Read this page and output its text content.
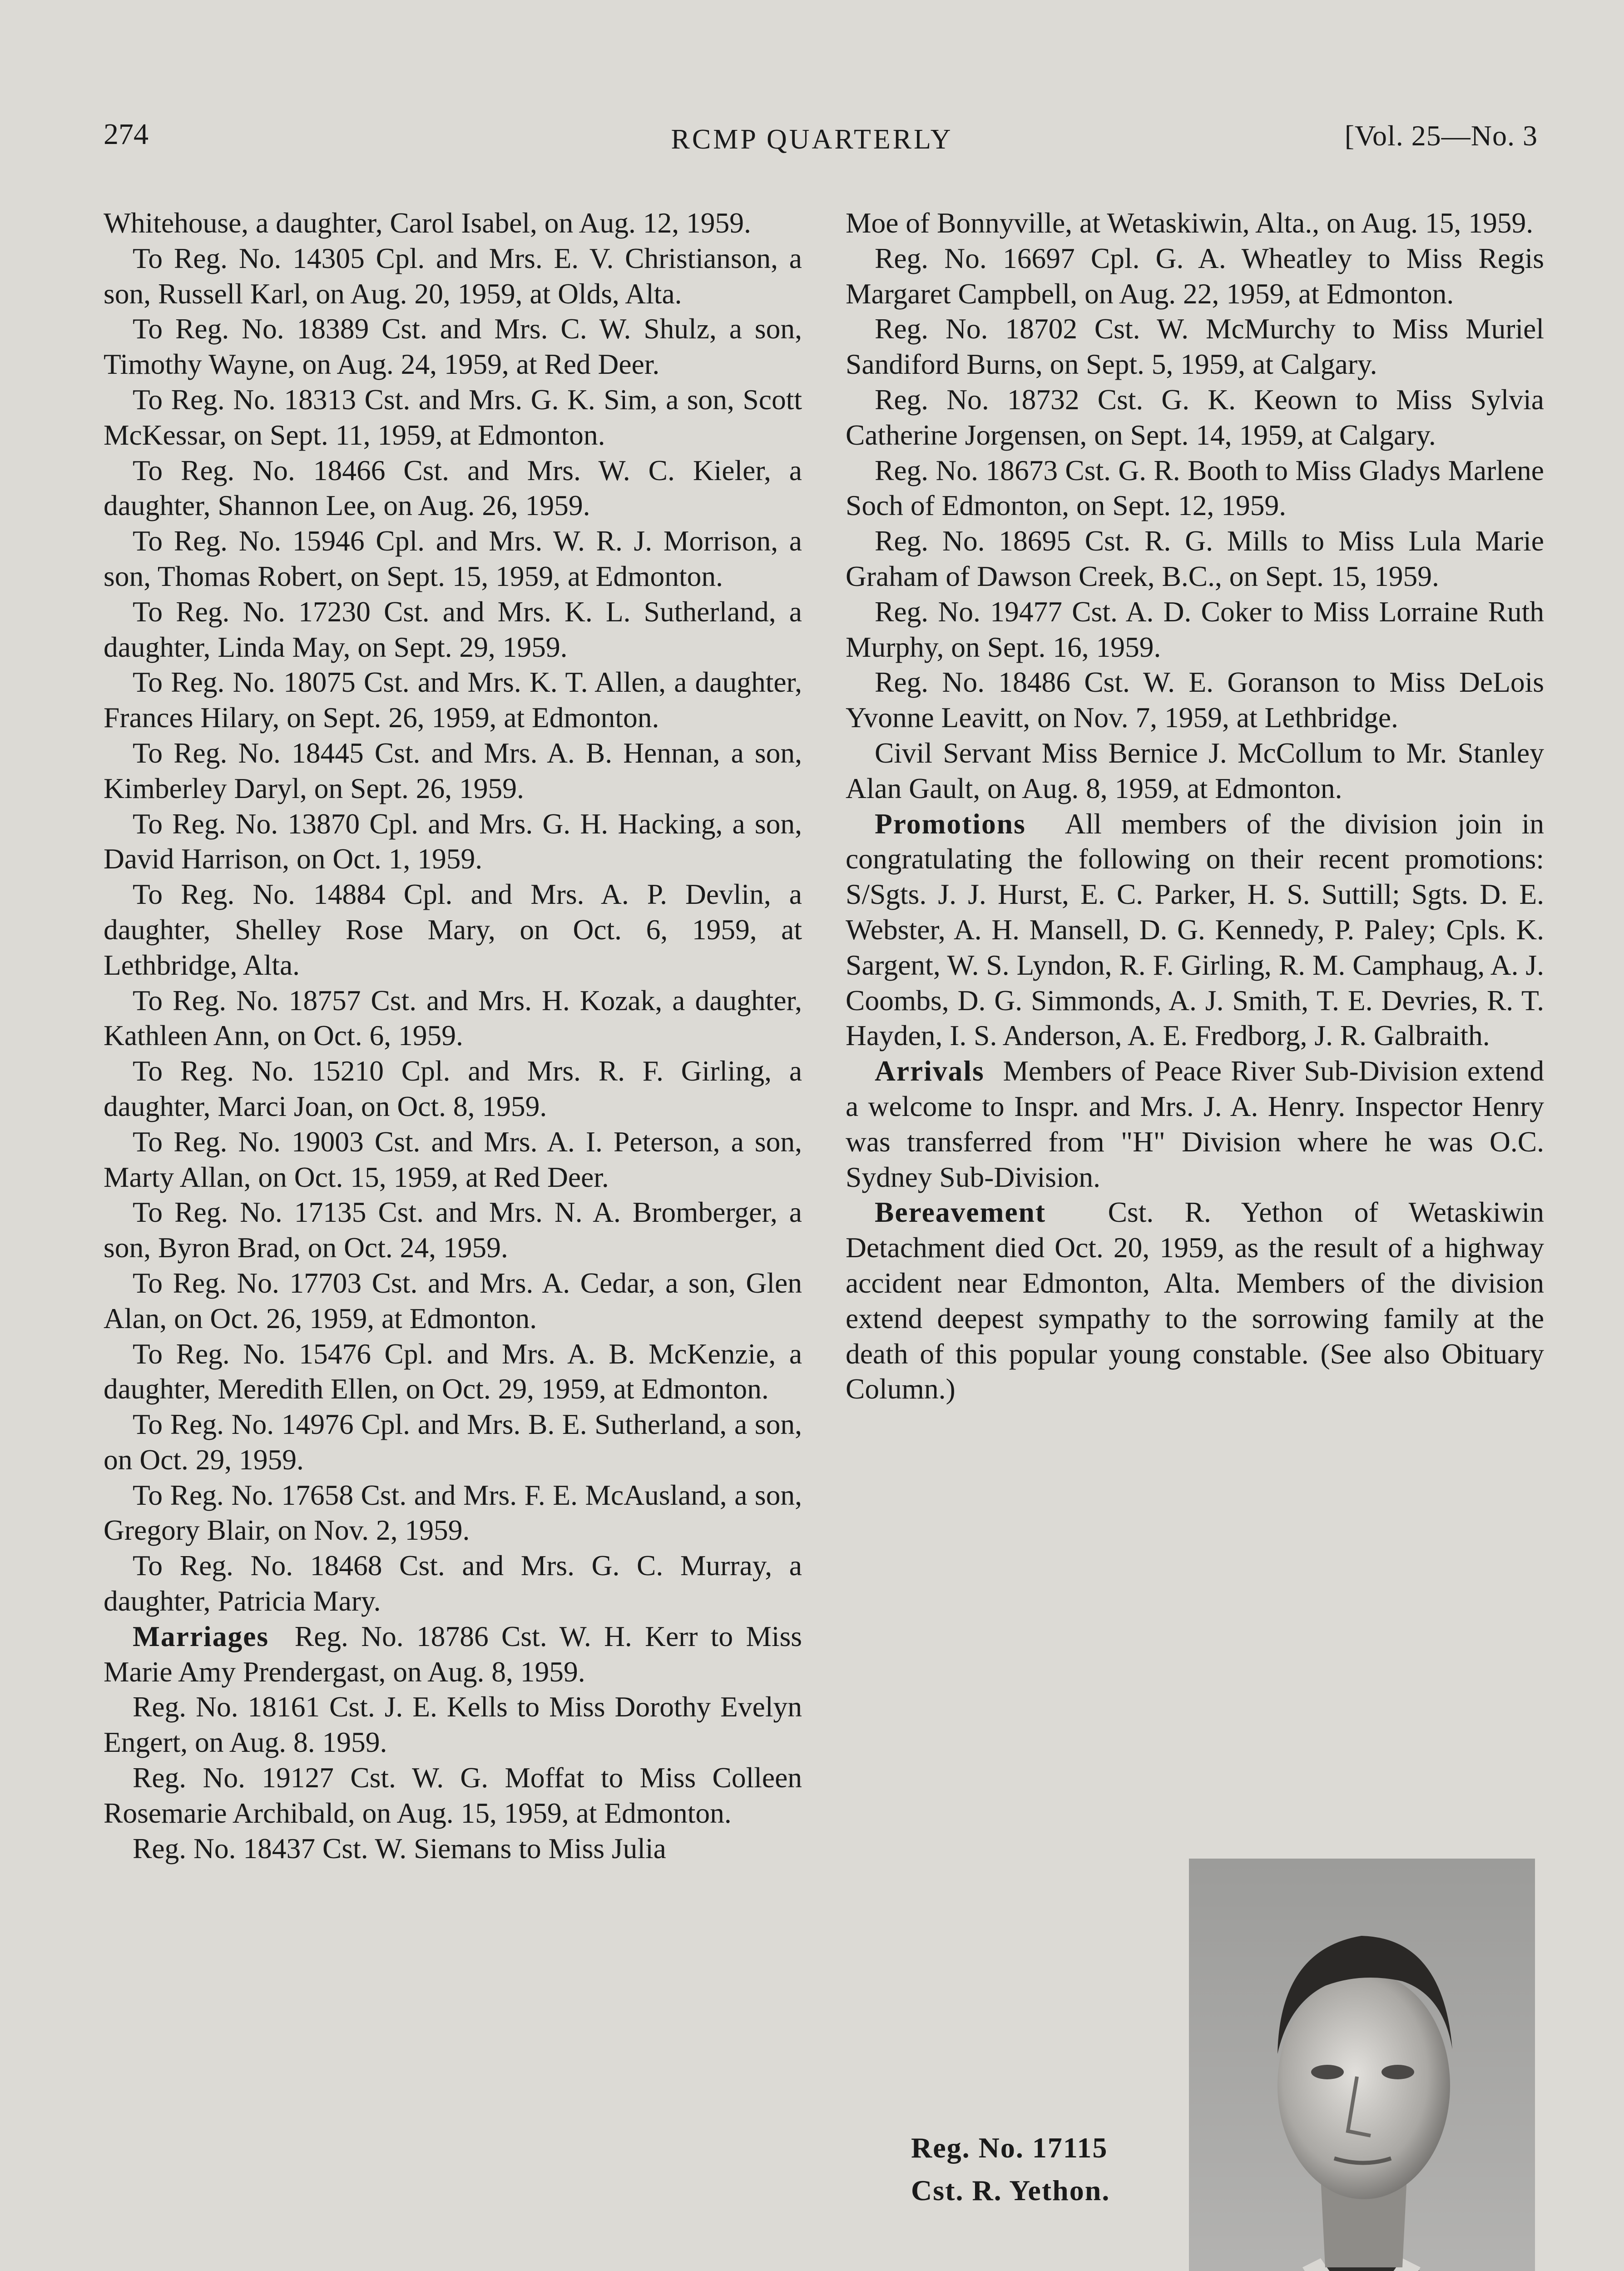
274	RCMP QUARTERLY	[Vol. 25—No. 3

Whitehouse, a daughter, Carol Isabel, on Aug. 12, 1959.

To Reg. No. 14305 Cpl. and Mrs. E. V. Christianson, a son, Russell Karl, on Aug. 20, 1959, at Olds, Alta.

To Reg. No. 18389 Cst. and Mrs. C. W. Shulz, a son, Timothy Wayne, on Aug. 24, 1959, at Red Deer.

To Reg. No. 18313 Cst. and Mrs. G. K. Sim, a son, Scott McKessar, on Sept. 11, 1959, at Edmonton.

To Reg. No. 18466 Cst. and Mrs. W. C. Kieler, a daughter, Shannon Lee, on Aug. 26, 1959.

To Reg. No. 15946 Cpl. and Mrs. W. R. J. Morrison, a son, Thomas Robert, on Sept. 15, 1959, at Edmonton.

To Reg. No. 17230 Cst. and Mrs. K. L. Sutherland, a daughter, Linda May, on Sept. 29, 1959.

To Reg. No. 18075 Cst. and Mrs. K. T. Allen, a daughter, Frances Hilary, on Sept. 26, 1959, at Edmonton.

To Reg. No. 18445 Cst. and Mrs. A. B. Hennan, a son, Kimberley Daryl, on Sept. 26, 1959.

To Reg. No. 13870 Cpl. and Mrs. G. H. Hacking, a son, David Harrison, on Oct. 1, 1959.

To Reg. No. 14884 Cpl. and Mrs. A. P. Devlin, a daughter, Shelley Rose Mary, on Oct. 6, 1959, at Lethbridge, Alta.

To Reg. No. 18757 Cst. and Mrs. H. Kozak, a daughter, Kathleen Ann, on Oct. 6, 1959.

To Reg. No. 15210 Cpl. and Mrs. R. F. Girling, a daughter, Marci Joan, on Oct. 8, 1959.

To Reg. No. 19003 Cst. and Mrs. A. I. Peterson, a son, Marty Allan, on Oct. 15, 1959, at Red Deer.

To Reg. No. 17135 Cst. and Mrs. N. A. Bromberger, a son, Byron Brad, on Oct. 24, 1959.

To Reg. No. 17703 Cst. and Mrs. A. Cedar, a son, Glen Alan, on Oct. 26, 1959, at Edmonton.

To Reg. No. 15476 Cpl. and Mrs. A. B. McKenzie, a daughter, Meredith Ellen, on Oct. 29, 1959, at Edmonton.

To Reg. No. 14976 Cpl. and Mrs. B. E. Sutherland, a son, on Oct. 29, 1959.

To Reg. No. 17658 Cst. and Mrs. F. E. McAusland, a son, Gregory Blair, on Nov. 2, 1959.

To Reg. No. 18468 Cst. and Mrs. G. C. Murray, a daughter, Patricia Mary.

Marriages Reg. No. 18786 Cst. W. H. Kerr to Miss Marie Amy Prendergast, on Aug. 8, 1959.

Reg. No. 18161 Cst. J. E. Kells to Miss Dorothy Evelyn Engert, on Aug. 8. 1959.

Reg. No. 19127 Cst. W. G. Moffat to Miss Colleen Rosemarie Archibald, on Aug. 15, 1959, at Edmonton.

Reg. No. 18437 Cst. W. Siemans to Miss Julia

Moe of Bonnyville, at Wetaskiwin, Alta., on Aug. 15, 1959.

Reg. No. 16697 Cpl. G. A. Wheatley to Miss Regis Margaret Campbell, on Aug. 22, 1959, at Edmonton.

Reg. No. 18702 Cst. W. McMurchy to Miss Muriel Sandiford Burns, on Sept. 5, 1959, at Calgary.

Reg. No. 18732 Cst. G. K. Keown to Miss Sylvia Catherine Jorgensen, on Sept. 14, 1959, at Calgary.

Reg. No. 18673 Cst. G. R. Booth to Miss Gladys Marlene Soch of Edmonton, on Sept. 12, 1959.

Reg. No. 18695 Cst. R. G. Mills to Miss Lula Marie Graham of Dawson Creek, B.C., on Sept. 15, 1959.

Reg. No. 19477 Cst. A. D. Coker to Miss Lorraine Ruth Murphy, on Sept. 16, 1959.

Reg. No. 18486 Cst. W. E. Goranson to Miss DeLois Yvonne Leavitt, on Nov. 7, 1959, at Lethbridge.

Civil Servant Miss Bernice J. McCollum to Mr. Stanley Alan Gault, on Aug. 8, 1959, at Edmonton.

Promotions All members of the division join in congratulating the following on their recent promotions: S/Sgts. J. J. Hurst, E. C. Parker, H. S. Suttill; Sgts. D. E. Webster, A. H. Mansell, D. G. Kennedy, P. Paley; Cpls. K. Sargent, W. S. Lyndon, R. F. Girling, R. M. Camphaug, A. J. Coombs, D. G. Simmonds, A. J. Smith, T. E. Devries, R. T. Hayden, I. S. Anderson, A. E. Fredborg, J. R. Galbraith.

Arrivals Members of Peace River Sub-Division extend a welcome to Inspr. and Mrs. J. A. Henry. Inspector Henry was transferred from "H" Division where he was O.C. Sydney Sub-Division.

Bereavement Cst. R. Yethon of Wetaskiwin Detachment died Oct. 20, 1959, as the result of a highway accident near Edmonton, Alta. Members of the division extend deepest sympathy to the sorrowing family at the death of this popular young constable. (See also Obituary Column.)

Reg. No. 17115
Cst. R. Yethon.
